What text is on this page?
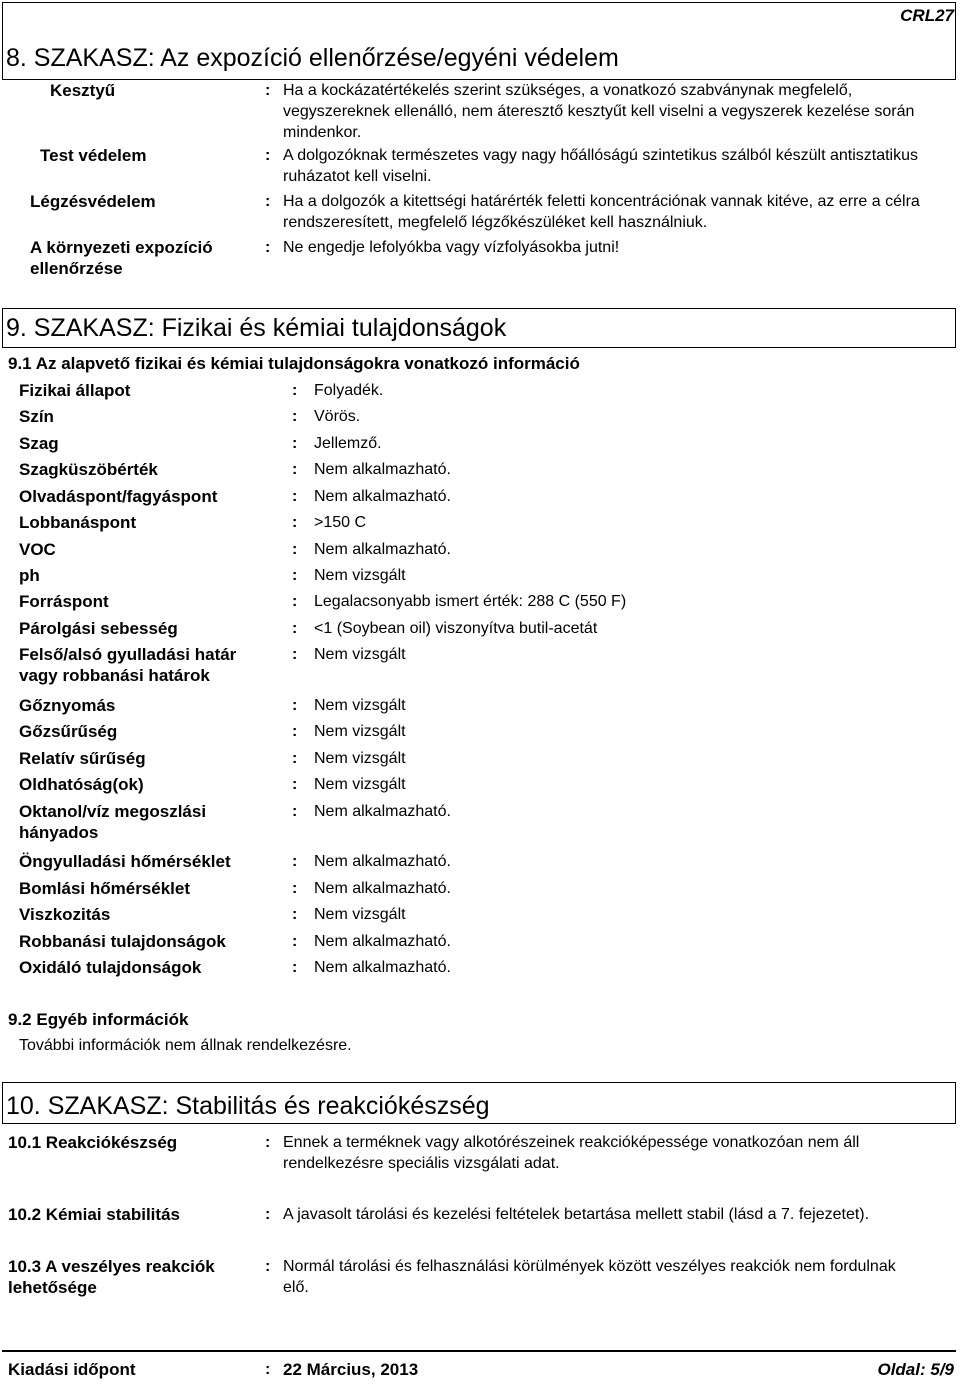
CRL27
8. SZAKASZ: Az expozíció ellenőrzése/egyéni védelem
Kesztyű	: Ha a kockázatértékelés szerint szükséges, a vonatkozó szabványnak megfelelő, vegyszereknek ellenálló, nem áteresztő kesztyűt kell viselni a vegyszerek kezelése során mindenkor.
Test védelem	: A dolgozóknak természetes vagy nagy hőállóságú szintetikus szálból készült antisztatikus ruházatot kell viselni.
Légzésvédelem	: Ha a dolgozók a kitettségi határérték feletti koncentrációnak vannak kitéve, az erre a célra rendszeresített, megfelelő légzőkészüléket kell használniuk.
A környezeti expozíció ellenőrzése
: Ne engedje lefolyókba vagy vízfolyásokba jutni!
9. SZAKASZ: Fizikai és kémiai tulajdonságok
9.1 Az alapvető fizikai és kémiai tulajdonságokra vonatkozó információ
Fizikai állapot	: Folyadék.
Szín	: Vörös.
Szag	: Jellemző.
Szagküszöbérték	: Nem alkalmazható.
Olvadáspont/fagyáspont	: Nem alkalmazható.
Lobbanáspont	: >150 C
VOC	: Nem alkalmazható.
ph	: Nem vizsgált
Forráspont	: Legalacsonyabb ismert érték: 288 C (550 F)
Párolgási sebesség	: <1 (Soybean oil) viszonyítva butil-acetát
Felső/alsó gyulladási határ vagy robbanási határok
: Nem vizsgált
Gőznyomás	: Nem vizsgált
Gőzsűrűség	: Nem vizsgált
Relatív sűrűség	: Nem vizsgált
Oldhatóság(ok)	: Nem vizsgált
Oktanol/víz megoszlási hányados
: Nem alkalmazható.
Öngyulladási hőmérséklet	: Nem alkalmazható.
Bomlási hőmérséklet	: Nem alkalmazható.
Viszkozitás	: Nem vizsgált
Robbanási tulajdonságok	: Nem alkalmazható.
Oxidáló tulajdonságok	: Nem alkalmazható.
9.2 Egyéb információk
További információk nem állnak rendelkezésre.
10. SZAKASZ: Stabilitás és reakciókészség
10.1 Reakciókészség	: Ennek a terméknek vagy alkotórészeinek reakcióképessége vonatkozóan nem áll rendelkezésre speciális vizsgálati adat.
10.2 Kémiai stabilitás	: A javasolt tárolási és kezelési feltételek betartása mellett stabil (lásd a 7. fejezetet).
10.3 A veszélyes reakciók lehetősége
: Normál tárolási és felhasználási körülmények között veszélyes reakciók nem fordulnak elő.
Kiadási időpont	: 22 Március, 2013	Oldal: 5/9
